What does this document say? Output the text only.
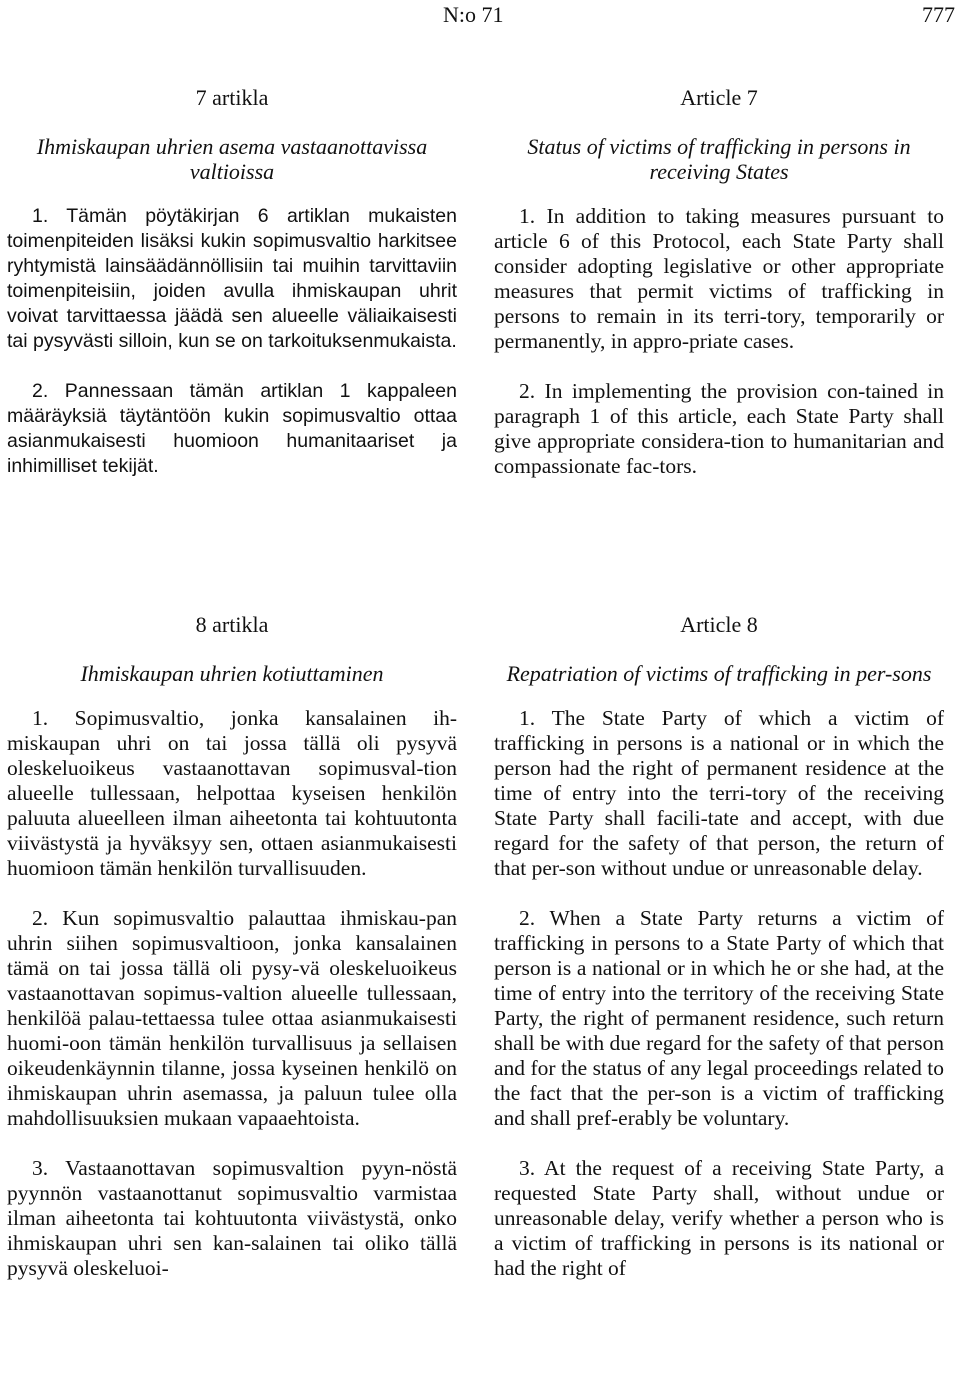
N:o 71	777
7 artikla
Ihmiskaupan uhrien asema vastaanottavissa valtioissa

1. Tämän pöytäkirjan 6 artiklan mukaisten toimenpiteiden lisäksi kukin sopimusvaltio harkitsee ryhtymistä lainsäädännöllisiin tai muihin tarvittaviin toimenpiteisiin, joiden avulla ihmiskaupan uhrit voivat tarvittaessa jäädä sen alueelle väliaikaisesti tai pysyvästi silloin, kun se on tarkoituksenmukaista.

2. Pannessaan tämän artiklan 1 kappaleen määräyksiä täytäntöön kukin sopimusvaltio ottaa asianmukaisesti huomioon humanitaariset ja inhimilliset tekijät.

Article 7
Status of victims of trafficking in persons in receiving States

1. In addition to taking measures pursuant to article 6 of this Protocol, each State Party shall consider adopting legislative or other appropriate measures that permit victims of trafficking in persons to remain in its terri-tory, temporarily or permanently, in appro-priate cases.

2. In implementing the provision con-tained in paragraph 1 of this article, each State Party shall give appropriate considera-tion to humanitarian and compassionate fac-tors.

8 artikla
Ihmiskaupan uhrien kotiuttaminen

1. Sopimusvaltio, jonka kansalainen ih-miskaupan uhri on tai jossa tällä oli pysyvä oleskeluoikeus vastaanottavan sopimusval-tion alueelle tullessaan, helpottaa kyseisen henkilön paluuta alueelleen ilman aiheetonta tai kohtuutonta viivästystä ja hyväksyy sen, ottaen asianmukaisesti huomioon tämän henkilön turvallisuuden.

2. Kun sopimusvaltio palauttaa ihmiskau-pan uhrin siihen sopimusvaltioon, jonka kansalainen tämä on tai jossa tällä oli pysy-vä oleskeluoikeus vastaanottavan sopimus-valtion alueelle tullessaan, henkilöä palau-tettaessa tulee ottaa asianmukaisesti huomi-oon tämän henkilön turvallisuus ja sellaisen oikeudenkäynnin tilanne, jossa kyseinen henkilö on ihmiskaupan uhrin asemassa, ja paluun tulee olla mahdollisuuksien mukaan vapaaehtoista.

3. Vastaanottavan sopimusvaltion pyyn-nöstä pyynnön vastaanottanut sopimusvaltio varmistaa ilman aiheetonta tai kohtuutonta viivästystä, onko ihmiskaupan uhri sen kan-salainen tai oliko tällä pysyvä oleskeluoi-

Article 8
Repatriation of victims of trafficking in per-sons

1. The State Party of which a victim of trafficking in persons is a national or in which the person had the right of permanent residence at the time of entry into the terri-tory of the receiving State Party shall facili-tate and accept, with due regard for the safety of that person, the return of that per-son without undue or unreasonable delay.

2. When a State Party returns a victim of trafficking in persons to a State Party of which that person is a national or in which he or she had, at the time of entry into the territory of the receiving State Party, the right of permanent residence, such return shall be with due regard for the safety of that person and for the status of any legal proceedings related to the fact that the per-son is a victim of trafficking and shall pref-erably be voluntary.

3. At the request of a receiving State Party, a requested State Party shall, without undue or unreasonable delay, verify whether a person who is a victim of trafficking in persons is its national or had the right of
